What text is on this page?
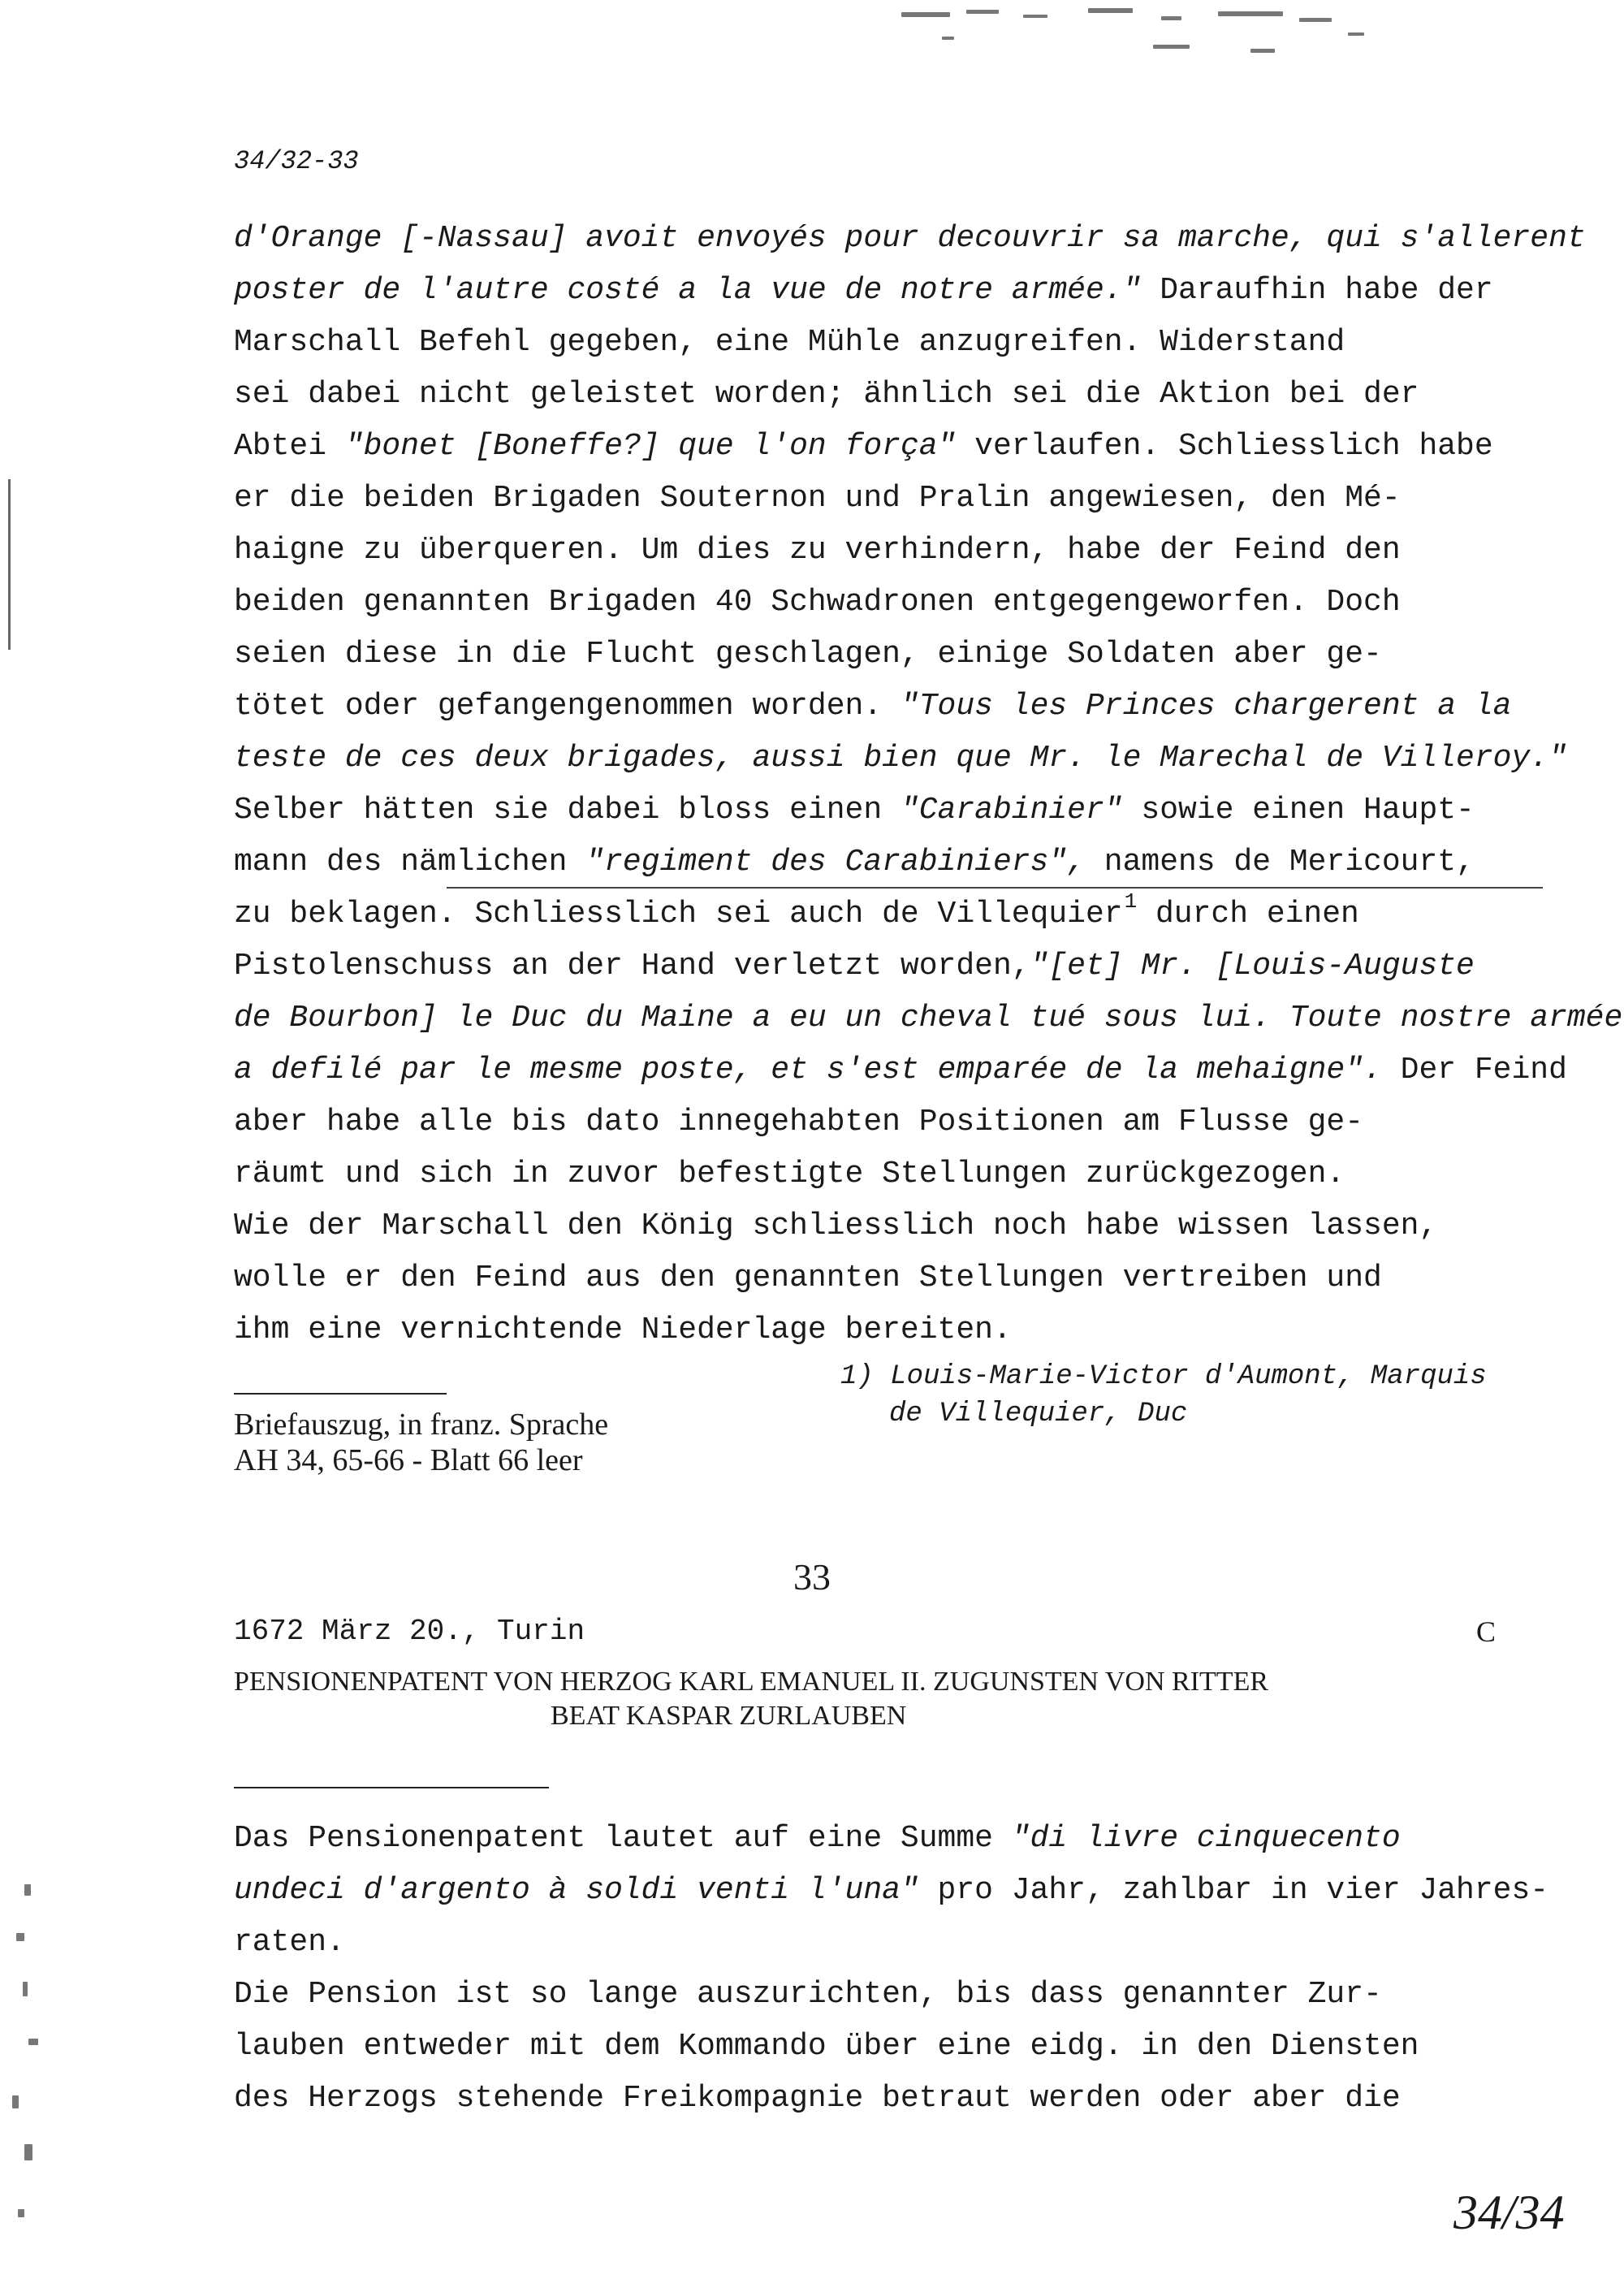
34/32-33
d'Orange [-Nassau] avoit envoyés pour decouvrir sa marche, qui s'allerent
poster de l'autre costé a la vue de notre armée." Daraufhin habe der
Marschall Befehl gegeben, eine Mühle anzugreifen. Widerstand
sei dabei nicht geleistet worden; ähnlich sei die Aktion bei der
Abtei "bonet [Boneffe?] que l'on força" verlaufen. Schliesslich habe
er die beiden Brigaden Souternon und Pralin angewiesen, den Mé-
haigne zu überqueren. Um dies zu verhindern, habe der Feind den
beiden genannten Brigaden 40 Schwadronen entgegengeworfen. Doch
seien diese in die Flucht geschlagen, einige Soldaten aber ge-
tötet oder gefangengenommen worden. "Tous les Princes chargerent a la
teste de ces deux brigades, aussi bien que Mr. le Marechal de Villeroy."
Selber hätten sie dabei bloss einen "Carabinier" sowie einen Haupt-
mann des nämlichen "regiment des Carabiniers", namens de Mericourt,
zu beklagen. Schliesslich sei auch de Villequier$^1$ durch einen
Pistolenschuss an der Hand verletzt worden,"[et] Mr. [Louis-Auguste
de Bourbon] le Duc du Maine a eu un cheval tué sous lui. Toute nostre armée
a defilé par le mesme poste, et s'est emparée de la mehaigne". Der Feind
aber habe alle bis dato innegehabten Positionen am Flusse ge-
räumt und sich in zuvor befestigte Stellungen zurückgezogen.
Wie der Marschall den König schliesslich noch habe wissen lassen,
wolle er den Feind aus den genannten Stellungen vertreiben und
ihm eine vernichtende Niederlage bereiten.
Briefauszug, in franz. Sprache
AH 34, 65-66 - Blatt 66 leer
1) Louis-Marie-Victor d'Aumont, Marquis
de Villequier, Duc
33
1672 März 20., Turin	C
PENSIONENPATENT VON HERZOG KARL EMANUEL II. ZUGUNSTEN VON RITTER
BEAT KASPAR ZURLAUBEN
Das Pensionenpatent lautet auf eine Summe "di livre cinquecento
undeci d'argento à soldi venti l'una" pro Jahr, zahlbar in vier Jahres-
raten.
Die Pension ist so lange auszurichten, bis dass genannter Zur-
lauben entweder mit dem Kommando über eine eidg. in den Diensten
des Herzogs stehende Freikompagnie betraut werden oder aber die
34/34
